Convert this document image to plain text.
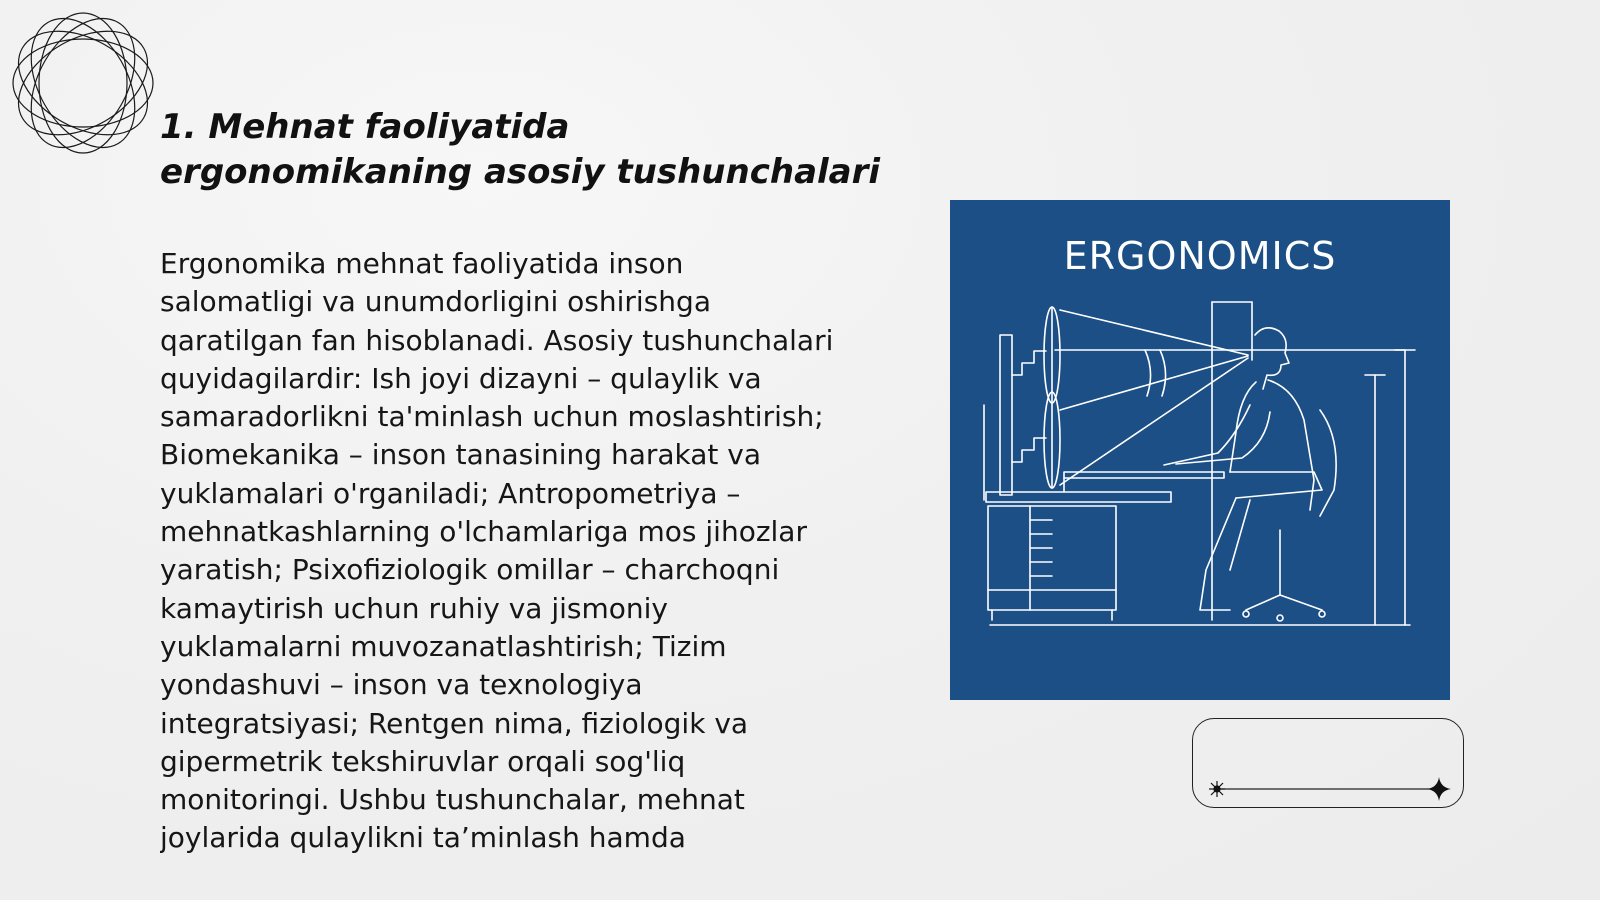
1. Mehnat faoliyatida
ergonomikaning asosiy tushunchalari

Ergonomika mehnat faoliyatida inson salomatligi va unumdorligini oshirishga qaratilgan fan hisoblanadi. Asosiy tushunchalari quyidagilardir: Ish joyi dizayni – qulaylik va samaradorlikni ta'minlash uchun moslashtirish; Biomekanika – inson tanasining harakat va yuklamalari o'rganiladi; Antropometriya – mehnatkashlarning o'lchamlariga mos jihozlar yaratish; Psixofiziologik omillar – charchoqni kamaytirish uchun ruhiy va jismoniy yuklamalarni muvozanatlashtirish; Tizim yondashuvi – inson va texnologiya integratsiyasi; Rentgen nima, fiziologik va gipermetrik tekshiruvlar orqali sog'liq monitoringi. Ushbu tushunchalar, mehnat joylarida qulaylikni ta’minlash hamda

ERGONOMICS
